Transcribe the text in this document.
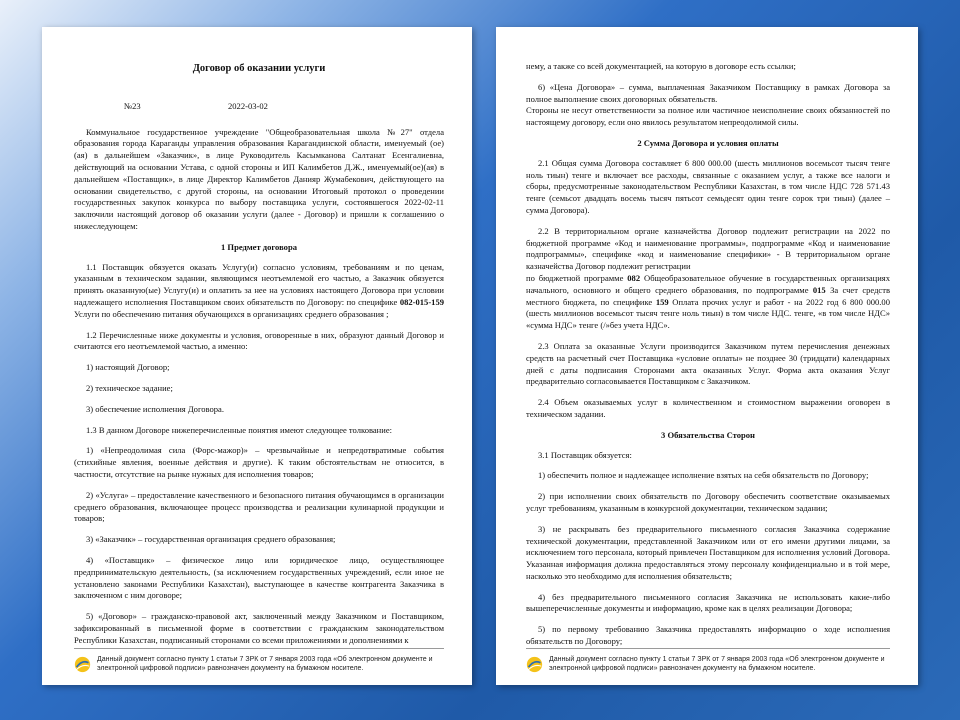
Договор об оказании услуги
№23	2022-03-02

Коммунальное государственное учреждение "Общеобразовательная школа №27" отдела образования города Караганды управления образования Карагандинской области, именуемый (ое)(ая) в дальнейшем «Заказчик», в лице Руководитель Касымканова Салтанат Есенгалиевна, действующий на основании Устава, с одной стороны и ИП Калимбетов Д.Ж., именуемый(ое)(ая) в дальнейшем «Поставщик», в лице Директор Калимбетов Данияр Жумабекович, действующего на основании свидетельство, с другой стороны, на основании Итоговый протокол о проведении государственных закупок конкурса по выбору поставщика услуги, состоявшегося 2022-02-11 заключили настоящий договор об оказании услуги (далее - Договор) и пришли к соглашению о нижеследующем:

1 Предмет договора

1.1 Поставщик обязуется оказать Услугу(и) согласно условиям, требованиям и по ценам, указанным в техническом задании, являющимся неотъемлемой его частью, а Заказчик обязуется принять оказанную(ые) Услугу(и) и оплатить за нее на условиях настоящего Договора при условии надлежащего исполнения Поставщиком своих обязательств по Договору: по специфике 082-015-159 Услуги по обеспечению питания обучающихся в организациях среднего образования ;

1.2 Перечисленные ниже документы и условия, оговоренные в них, образуют данный Договор и считаются его неотъемлемой частью, а именно:

1) настоящий Договор;

2) техническое задание;

3) обеспечение исполнения Договора.

1.3 В данном Договоре нижеперечисленные понятия имеют следующее толкование:

1) «Непреодолимая сила (Форс-мажор)» – чрезвычайные и непредотвратимые события (стихийные явления, военные действия и другие). К таким обстоятельствам не относится, в частности, отсутствие на рынке нужных для исполнения товаров;

2) «Услуга» – предоставление качественного и безопасного питания обучающимся в организации среднего образования, включающее процесс производства и реализации кулинарной продукции и товаров;

3) «Заказчик» – государственная организация среднего образования;

4) «Поставщик» – физическое лицо или юридическое лицо, осуществляющее предпринимательскую деятельность, (за исключением государственных учреждений, если иное не установлено законами Республики Казахстан), выступающее в качестве контрагента Заказчика в заключенном с ним договоре;

5) «Договор» – гражданско-правовой акт, заключенный между Заказчиком и Поставщиком, зафиксированный в письменной форме в соответствии с гражданским законодательством Республики Казахстан, подписанный сторонами со всеми приложениями и дополнениями к

Данный документ согласно пункту 1 статьи 7 ЗРК от 7 января 2003 года «Об электронном документе и электронной цифровой подписи» равнозначен документу на бумажном носителе.

нему, а также со всей документацией, на которую в договоре есть ссылки;

6) «Цена Договора» – сумма, выплаченная Заказчиком Поставщику в рамках Договора за полное выполнение своих договорных обязательств.

Стороны не несут ответственности за полное или частичное неисполнение своих обязанностей по настоящему договору, если оно явилось результатом непреодолимой силы.

2 Сумма Договора и условия оплаты

2.1 Общая сумма Договора составляет 6 800 000.00 (шесть миллионов восемьсот тысяч тенге ноль тиын) тенге и включает все расходы, связанные с оказанием услуг, а также все налоги и сборы, предусмотренные законодательством Республики Казахстан, в том числе НДС 728 571.43 тенге (семьсот двадцать восемь тысяч пятьсот семьдесят один тенге сорок три тиын) (далее – сумма Договора).

2.2 В территориальном органе казначейства Договор подлежит регистрации на 2022 по бюджетной программе «Код и наименование программы», подпрограмме «Код и наименование подпрограммы», специфике «код и наименование специфики» - В территориальном органе казначейства Договор подлежит регистрации
по бюджетной программе 082 Общеобразовательное обучение в государственных организациях начального, основного и общего среднего образования, по подпрограмме 015 За счет средств местного бюджета, по специфике 159 Оплата прочих услуг и работ - на 2022 год 6 800 000.00 (шесть миллионов восемьсот тысяч тенге ноль тиын) в том числе НДС. тенге, «в том числе НДС» «сумма НДС» тенге (/»без учета НДС».

2.3 Оплата за оказанные Услуги производится Заказчиком путем перечисления денежных средств на расчетный счет Поставщика «условие оплаты» не позднее 30 (тридцати) календарных дней с даты подписания Сторонами акта оказанных Услуг. Форма акта оказания Услуг предварительно согласовывается Поставщиком с Заказчиком.

2.4 Объем оказываемых услуг в количественном и стоимостном выражении оговорен в техническом задании.

3 Обязательства Сторон

3.1 Поставщик обязуется:

1) обеспечить полное и надлежащее исполнение взятых на себя обязательств по Договору;

2) при исполнении своих обязательств по Договору обеспечить соответствие оказываемых услуг требованиям, указанным в конкурсной документации, техническом задании;

3) не раскрывать без предварительного письменного согласия Заказчика содержание технической документации, представленной Заказчиком или от его имени другими лицами, за исключением того персонала, который привлечен Поставщиком для исполнения условий Договора. Указанная информация должна предоставляться этому персоналу конфиденциально и в той мере, насколько это необходимо для исполнения обязательств;

4) без предварительного письменного согласия Заказчика не использовать какие-либо вышеперечисленные документы и информацию, кроме как в целях реализации Договора;

5) по первому требованию Заказчика предоставлять информацию о ходе исполнения обязательств по Договору;

Данный документ согласно пункту 1 статьи 7 ЗРК от 7 января 2003 года «Об электронном документе и электронной цифровой подписи» равнозначен документу на бумажном носителе.
